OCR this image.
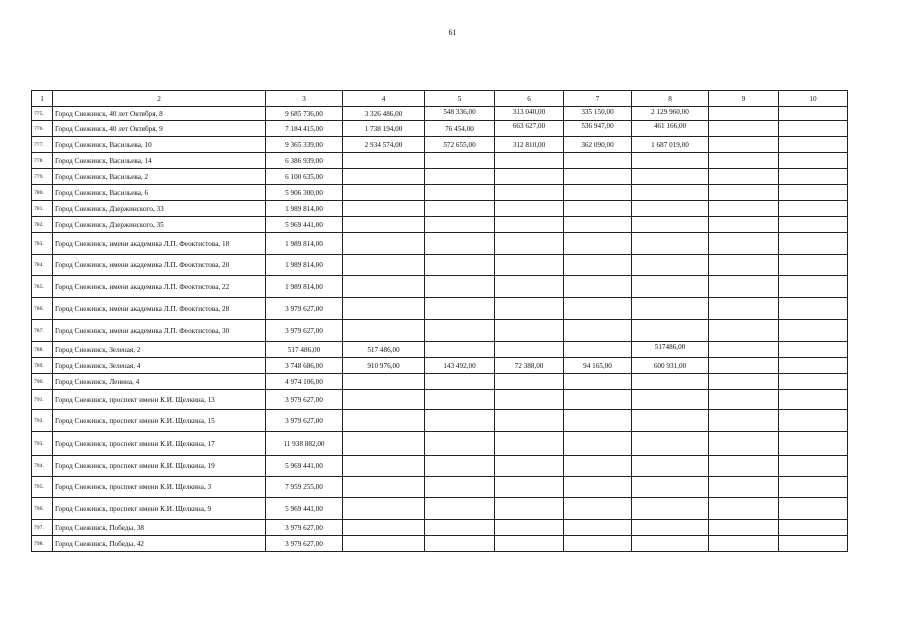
61
1	2	3	4	5	6	7	8	9	10
775.	Город Снежинск, 40 лет Октября, 8	9 685 736,00	3 326 486,00	548 336,00	313 040,00	335 150,00	2 129 960,00		
776.	Город Снежинск, 40 лет Октября, 9	7 184 415,00	1 738 194,00	76 454,00	663 627,00	536 947,00	461 166,00		
777.	Город Снежинск, Васильева, 10	9 365 339,00	2 934 574,00	572 655,00	312 810,00	362 090,00	1 687 019,00		
778.	Город Снежинск, Васильева, 14	6 386 939,00							
779.	Город Снежинск, Васильева, 2	6 100 635,00							
780.	Город Снежинск, Васильева, 6	5 906 300,00							
781.	Город Снежинск, Дзержинского, 33	1 989 814,00							
782.	Город Снежинск, Дзержинского, 35	5 969 441,00							
783.	Город Снежинск, имени академика Л.П. Феоктистова, 18	1 989 814,00							
784.	Город Снежинск, имени академика Л.П. Феоктистова, 20	1 989 814,00							
785.	Город Снежинск, имени академика Л.П. Феоктистова, 22	1 989 814,00							
786.	Город Снежинск, имени академика Л.П. Феоктистова, 28	3 979 627,00							
787.	Город Снежинск, имени академика Л.П. Феоктистова, 30	3 979 627,00							
788.	Город Снежинск, Зеленая, 2	517 486,00	517 486,00				517486,00		
789.	Город Снежинск, Зеленая, 4	3 748 686,00	910 976,00	143 492,00	72 388,00	94 165,00	600 931,00		
790.	Город Снежинск, Ленина, 4	4 974 106,00							
791.	Город Снежинск, проспект имени К.И. Щелкина, 13	3 979 627,00							
792.	Город Снежинск, проспект имени К.И. Щелкина, 15	3 979 627,00							
793.	Город Снежинск, проспект имени К.И. Щелкина, 17	11 938 882,00							
794.	Город Снежинск, проспект имени К.И. Щелкина, 19	5 969 441,00							
795.	Город Снежинск, проспект имени К.И. Щелкина, 3	7 959 255,00							
796.	Город Снежинск, проспект имени К.И. Щелкина, 9	5 969 441,00							
797.	Город Снежинск, Победы, 38	3 979 627,00							
798.	Город Снежинск, Победы, 42	3 979 627,00							
